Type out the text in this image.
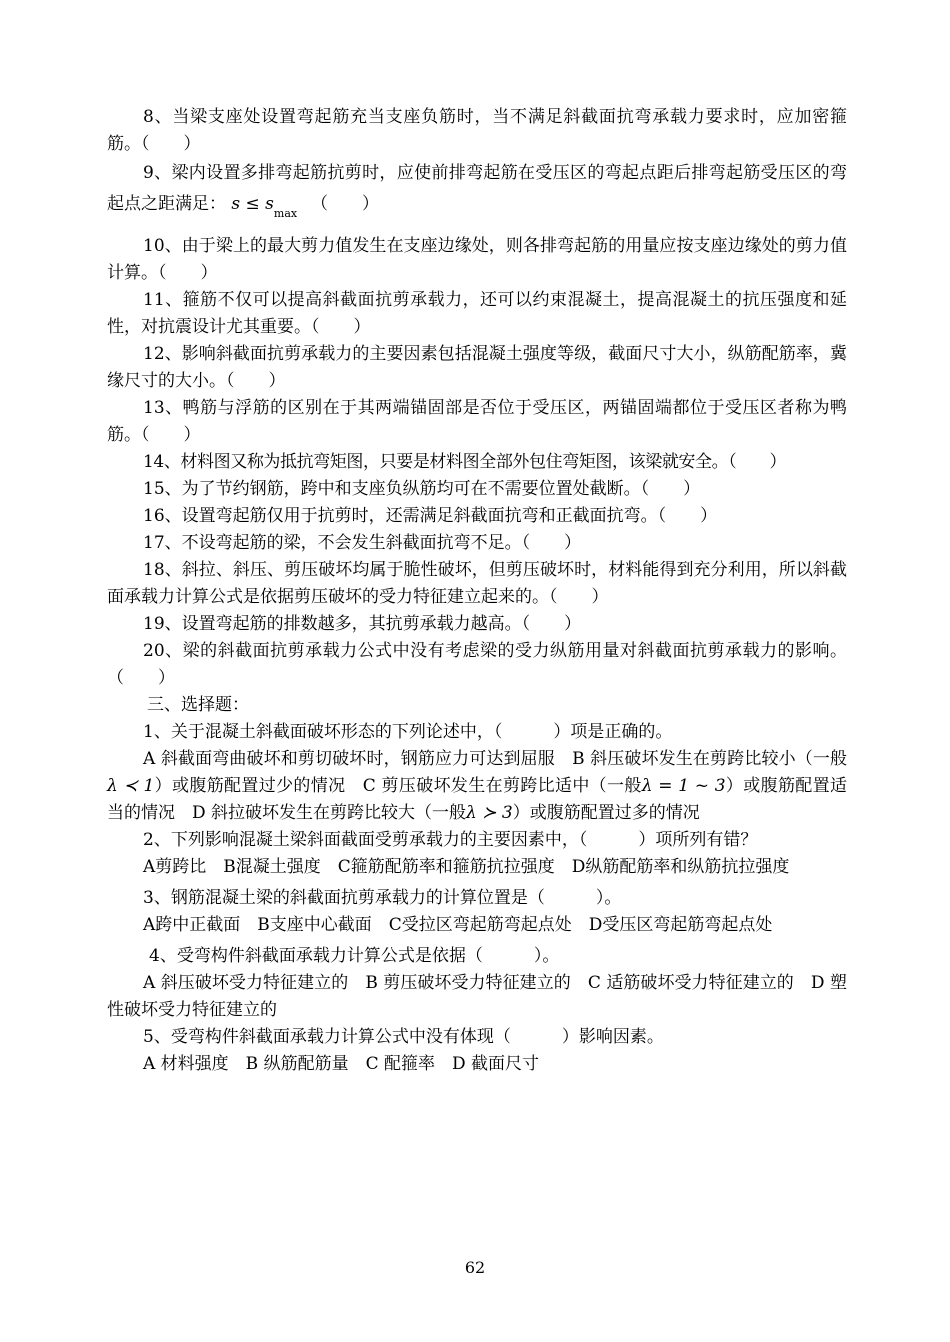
8、当梁支座处设置弯起筋充当支座负筋时，当不满足斜截面抗弯承载力要求时，应加密箍筋。（　　）

9、梁内设置多排弯起筋抗剪时，应使前排弯起筋在受压区的弯起点距后排弯起筋受压区的弯起点之距满足： $s \le s_{max}$ 　（　　）

10、由于梁上的最大剪力值发生在支座边缘处，则各排弯起筋的用量应按支座边缘处的剪力值计算。（　　）

11、箍筋不仅可以提高斜截面抗剪承载力，还可以约束混凝土，提高混凝土的抗压强度和延性，对抗震设计尤其重要。（　　）

12、影响斜截面抗剪承载力的主要因素包括混凝土强度等级，截面尺寸大小，纵筋配筋率，冀缘尺寸的大小。（　　）

13、鸭筋与浮筋的区别在于其两端锚固部是否位于受压区，两锚固端都位于受压区者称为鸭筋。（　　）

14、材料图又称为抵抗弯矩图，只要是材料图全部外包住弯矩图，该梁就安全。（　　）

15、为了节约钢筋，跨中和支座负纵筋均可在不需要位置处截断。（　　）

16、设置弯起筋仅用于抗剪时，还需满足斜截面抗弯和正截面抗弯。（　　）

17、不设弯起筋的梁，不会发生斜截面抗弯不足。（　　）

18、斜拉、斜压、剪压破坏均属于脆性破坏，但剪压破坏时，材料能得到充分利用，所以斜截面承载力计算公式是依据剪压破坏的受力特征建立起来的。（　　）

19、设置弯起筋的排数越多，其抗剪承载力越高。（　　）

20、梁的斜截面抗剪承载力公式中没有考虑梁的受力纵筋用量对斜截面抗剪承载力的影响。（　　）

三、选择题：

1、关于混凝土斜截面破坏形态的下列论述中，（　　　）项是正确的。

A 斜截面弯曲破坏和剪切破坏时，钢筋应力可达到屈服　B 斜压破坏发生在剪跨比较小（一般λ ≺ 1）或腹筋配置过少的情况　C 剪压破坏发生在剪跨比适中（一般λ = 1 ~ 3）或腹筋配置适当的情况　D 斜拉破坏发生在剪跨比较大（一般λ ≻ 3）或腹筋配置过多的情况

2、下列影响混凝土梁斜面截面受剪承载力的主要因素中，（　　　）项所列有错？

A剪跨比　B混凝土强度　C箍筋配筋率和箍筋抗拉强度　D纵筋配筋率和纵筋抗拉强度

3、钢筋混凝土梁的斜截面抗剪承载力的计算位置是（　　　）。

A跨中正截面　B支座中心截面　C受拉区弯起筋弯起点处　D受压区弯起筋弯起点处

4、受弯构件斜截面承载力计算公式是依据（　　　）。

A 斜压破坏受力特征建立的　B 剪压破坏受力特征建立的　C 适筋破坏受力特征建立的　D 塑性破坏受力特征建立的

5、受弯构件斜截面承载力计算公式中没有体现（　　　）影响因素。

A 材料强度　B 纵筋配筋量　C 配箍率　D 截面尺寸

62
